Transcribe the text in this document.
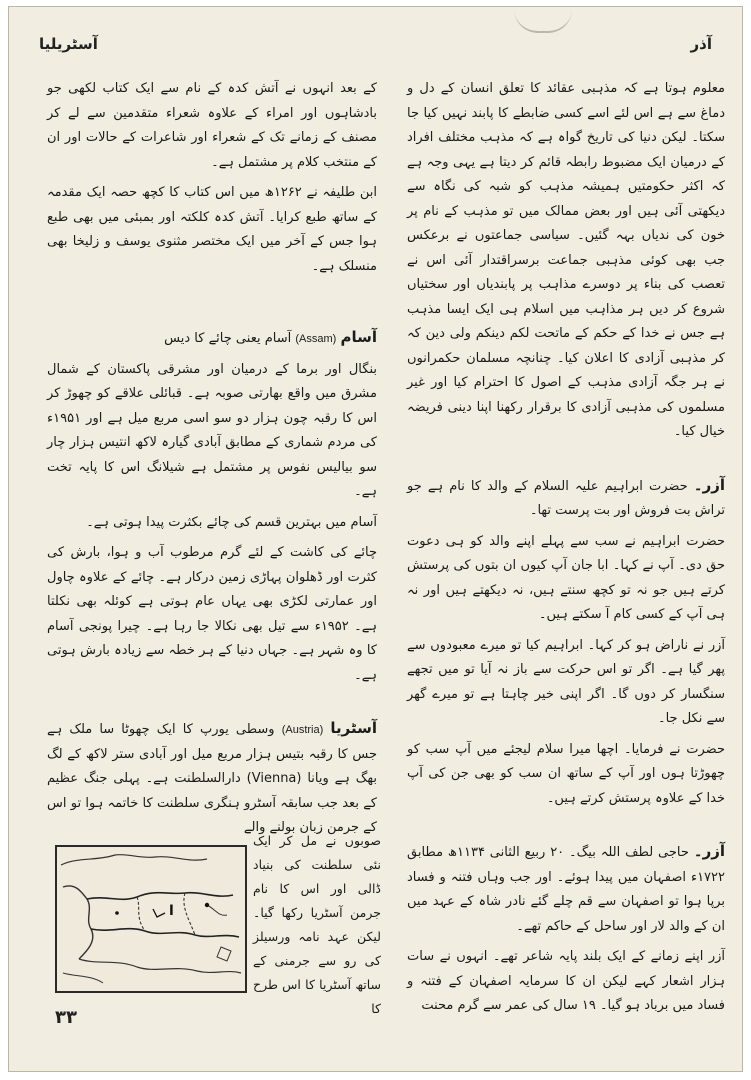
آسٹریلیا	آذر

معلوم ہوتا ہے کہ مذہبی عقائد کا تعلق انسان کے دل و دماغ سے ہے اس لئے اسے کسی ضابطے کا پابند نہیں کیا جا سکتا۔ لیکن دنیا کی تاریخ گواہ ہے کہ مذہب مختلف افراد کے درمیان ایک مضبوط رابطہ قائم کر دیتا ہے یہی وجہ ہے کہ اکثر حکومتیں ہمیشہ مذہب کو شبہ کی نگاہ سے دیکھتی آئی ہیں اور بعض ممالک میں تو مذہب کے نام پر خون کی ندیاں بہہ گئیں۔ سیاسی جماعتوں نے برعکس جب بھی کوئی مذہبی جماعت برسراقتدار آئی اس نے تعصب کی بناء پر دوسرے مذاہب پر پابندیاں اور سختیاں شروع کر دیں ہر مذاہب میں اسلام ہی ایک ایسا مذہب ہے جس نے خدا کے حکم کے ماتحت لکم دینکم ولی دین کہ کر مذہبی آزادی کا اعلان کیا۔ چنانچہ مسلمان حکمرانوں نے ہر جگہ آزادی مذہب کے اصول کا احترام کیا اور غیر مسلموں کی مذہبی آزادی کا برقرار رکھنا اپنا دینی فریضہ خیال کیا۔

آزر۔ حضرت ابراہیم علیہ السلام کے والد کا نام ہے جو تراش بت فروش اور بت پرست تھا۔

حضرت ابراہیم نے سب سے پہلے اپنے والد کو ہی دعوت حق دی۔ آپ نے کہا۔ ابا جان آپ کیوں ان بتوں کی پرستش کرتے ہیں جو نہ تو کچھ سنتے ہیں، نہ دیکھتے ہیں اور نہ ہی آپ کے کسی کام آ سکتے ہیں۔

آزر نے ناراض ہو کر کہا۔ ابراہیم کیا تو میرے معبودوں سے پھر گیا ہے۔ اگر تو اس حرکت سے باز نہ آیا تو میں تجھے سنگسار کر دوں گا۔ اگر اپنی خیر چاہتا ہے تو میرے گھر سے نکل جا۔

حضرت نے فرمایا۔ اچھا میرا سلام لیجئے میں آپ سب کو چھوڑتا ہوں اور آپ کے ساتھ ان سب کو بھی جن کی آپ خدا کے علاوہ پرستش کرتے ہیں۔

آزر۔ حاجی لطف اللہ بیگ۔ ۲۰ ربیع الثانی ۱۱۳۴ھ مطابق ۱۷۲۲ء اصفہان میں پیدا ہوئے۔ اور جب وہاں فتنہ و فساد برپا ہوا تو اصفہان سے قم چلے گئے نادر شاہ کے عہد میں ان کے والد لار اور ساحل کے حاکم تھے۔

آزر اپنے زمانے کے ایک بلند پایہ شاعر تھے۔ انہوں نے سات ہزار اشعار کہے لیکن ان کا سرمایہ اصفہان کے فتنہ و فساد میں برباد ہو گیا۔ ۱۹ سال کی عمر سے گرم محنت

کے بعد انہوں نے آتش کدہ کے نام سے ایک کتاب لکھی جو بادشاہوں اور امراء کے علاوہ شعراء متقدمین سے لے کر مصنف کے زمانے تک کے شعراء اور شاعرات کے حالات اور ان کے منتخب کلام پر مشتمل ہے۔

ابن طلیفہ نے ۱۲۶۲ھ میں اس کتاب کا کچھ حصہ ایک مقدمہ کے ساتھ طبع کرایا۔ آتش کدہ کلکتہ اور بمبئی میں بھی طبع ہوا جس کے آخر میں ایک مختصر مثنوی یوسف و زلیخا بھی منسلک ہے۔

آسام (Assam) آسام یعنی چائے کا دیس

بنگال اور برما کے درمیان اور مشرقی پاکستان کے شمال مشرق میں واقع بھارتی صوبہ ہے۔ قبائلی علاقے کو چھوڑ کر اس کا رقبہ چون ہزار دو سو اسی مربع میل ہے اور ۱۹۵۱ء کی مردم شماری کے مطابق آبادی گیارہ لاکھ انتیس ہزار چار سو بیالیس نفوس پر مشتمل ہے شیلانگ اس کا پایہ تخت ہے۔

آسام میں بہترین قسم کی چائے بکثرت پیدا ہوتی ہے۔

چائے کی کاشت کے لئے گرم مرطوب آب و ہوا، بارش کی کثرت اور ڈھلوان پہاڑی زمین درکار ہے۔ چائے کے علاوہ چاول اور عمارتی لکڑی بھی یہاں عام ہوتی ہے کوئلہ بھی نکلتا ہے۔ ۱۹۵۲ء سے تیل بھی نکالا جا رہا ہے۔ چیرا پونجی آسام کا وہ شہر ہے۔ جہاں دنیا کے ہر خطہ سے زیادہ بارش ہوتی ہے۔

آسٹریا (Austria) وسطی یورپ کا ایک چھوٹا سا ملک ہے جس کا رقبہ بتیس ہزار مربع میل اور آبادی ستر لاکھ کے لگ بھگ ہے ویانا (Vienna) دارالسلطنت ہے۔ پہلی جنگ عظیم کے بعد جب سابقہ آسٹرو ہنگری سلطنت کا خاتمہ ہوا تو اس کے جرمن زبان بولنے والے

ا
صوبوں نے مل کر ایک نئی سلطنت کی بنیاد ڈالی اور اس کا نام جرمن آسٹریا رکھا گیا۔ لیکن عہد نامہ ورسیلز کی رو سے جرمنی کے ساتھ آسٹریا کا اس طرح کا
۳۳
